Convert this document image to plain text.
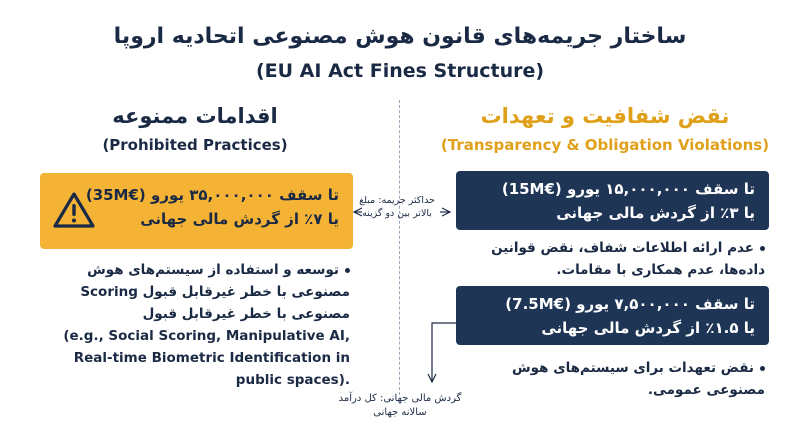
ساختار جریمه‌های قانون هوش مصنوعی اتحادیه اروپا
(EU AI Act Fines Structure)
نقض شفافیت و تعهدات
(Transparency & Obligation Violations)
اقدامات ممنوعه
(Prohibited Practices)
تا سقف ۳۵,۰۰۰,۰۰۰ یورو (€35M)
یا ۷٪ از گردش مالی جهانی
تا سقف ۱۵,۰۰۰,۰۰۰ یورو (€15M)
یا ۳٪ از گردش مالی جهانی
تا سقف ۷,۵۰۰,۰۰۰ یورو (€7.5M)
یا ۱.۵٪ از گردش مالی جهانی
توسعه و استفاده از سیستم‌های هوش مصنوعی با خطر غیرقابل قبول Scoring مصنوعی با خطر غیرقابل قبول
(e.g., Social Scoring, Manipulative AI, Real-time Biometric Identification in public spaces).
عدم ارائه اطلاعات شفاف، نقض قوانین داده‌ها، عدم همکاری با مقامات.
نقض تعهدات برای سیستم‌های هوش مصنوعی عمومی.
حداکثر جریمه: مبلغ بالاتر بین دو گزینه
گردش مالی جهانی: کل درآمد سالانه جهانی
